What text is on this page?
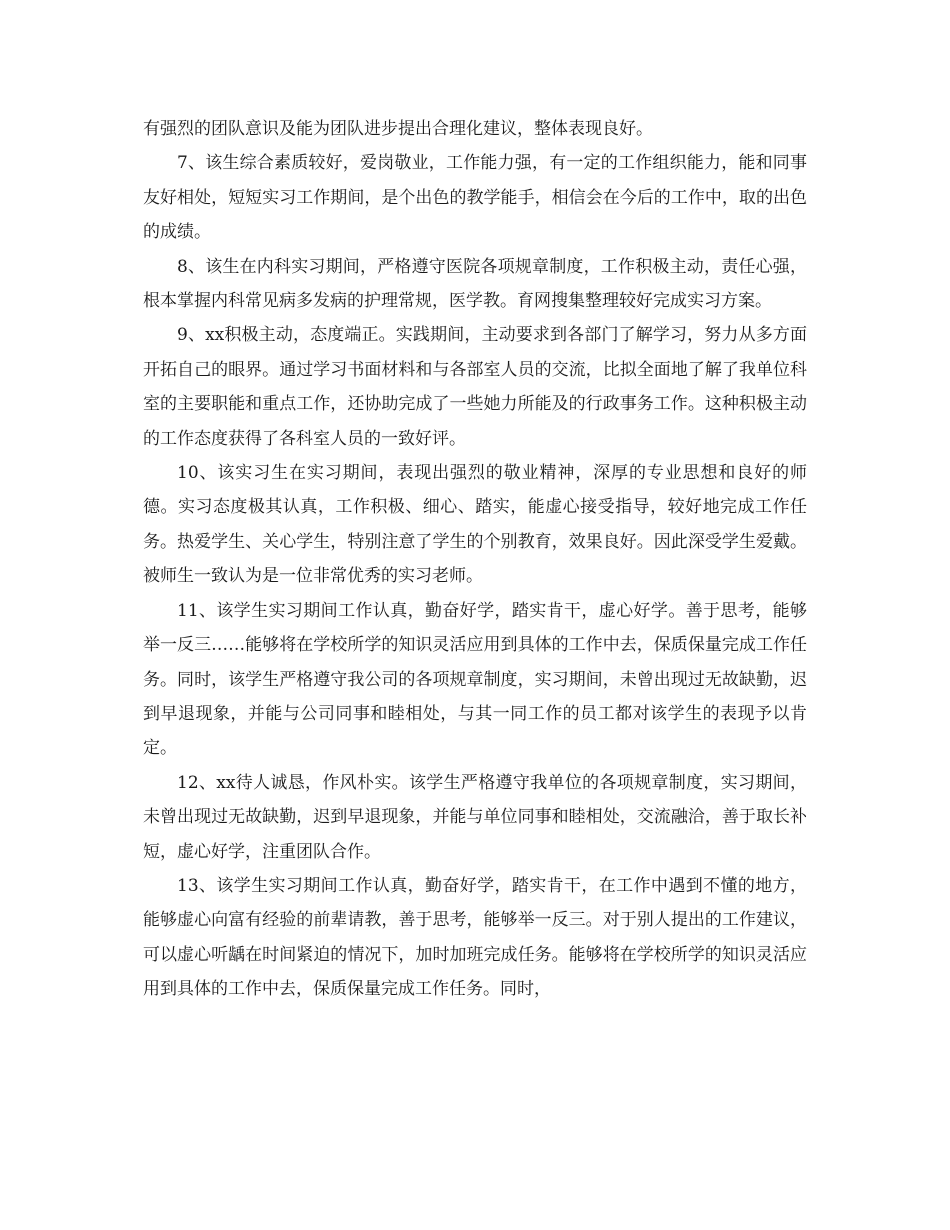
有强烈的团队意识及能为团队进步提出合理化建议，整体表现良好。

7、该生综合素质较好，爱岗敬业，工作能力强，有一定的工作组织能力，能和同事友好相处，短短实习工作期间，是个出色的教学能手，相信会在今后的工作中，取的出色的成绩。

8、该生在内科实习期间，严格遵守医院各项规章制度，工作积极主动，责任心强，根本掌握内科常见病多发病的护理常规，医学教。育网搜集整理较好完成实习方案。

9、xx积极主动，态度端正。实践期间，主动要求到各部门了解学习，努力从多方面开拓自己的眼界。通过学习书面材料和与各部室人员的交流，比拟全面地了解了我单位科室的主要职能和重点工作，还协助完成了一些她力所能及的行政事务工作。这种积极主动的工作态度获得了各科室人员的一致好评。

10、该实习生在实习期间，表现出强烈的敬业精神，深厚的专业思想和良好的师德。实习态度极其认真，工作积极、细心、踏实，能虚心接受指导，较好地完成工作任务。热爱学生、关心学生，特别注意了学生的个别教育，效果良好。因此深受学生爱戴。被师生一致认为是一位非常优秀的实习老师。

11、该学生实习期间工作认真，勤奋好学，踏实肯干，虚心好学。善于思考，能够举一反三……能够将在学校所学的知识灵活应用到具体的工作中去，保质保量完成工作任务。同时，该学生严格遵守我公司的各项规章制度，实习期间，未曾出现过无故缺勤，迟到早退现象，并能与公司同事和睦相处，与其一同工作的员工都对该学生的表现予以肯定。

12、xx待人诚恳，作风朴实。该学生严格遵守我单位的各项规章制度，实习期间，未曾出现过无故缺勤，迟到早退现象，并能与单位同事和睦相处，交流融洽，善于取长补短，虚心好学，注重团队合作。

13、该学生实习期间工作认真，勤奋好学，踏实肯干，在工作中遇到不懂的地方，能够虚心向富有经验的前辈请教，善于思考，能够举一反三。对于别人提出的工作建议，可以虚心听龋在时间紧迫的情况下，加时加班完成任务。能够将在学校所学的知识灵活应用到具体的工作中去，保质保量完成工作任务。同时，
